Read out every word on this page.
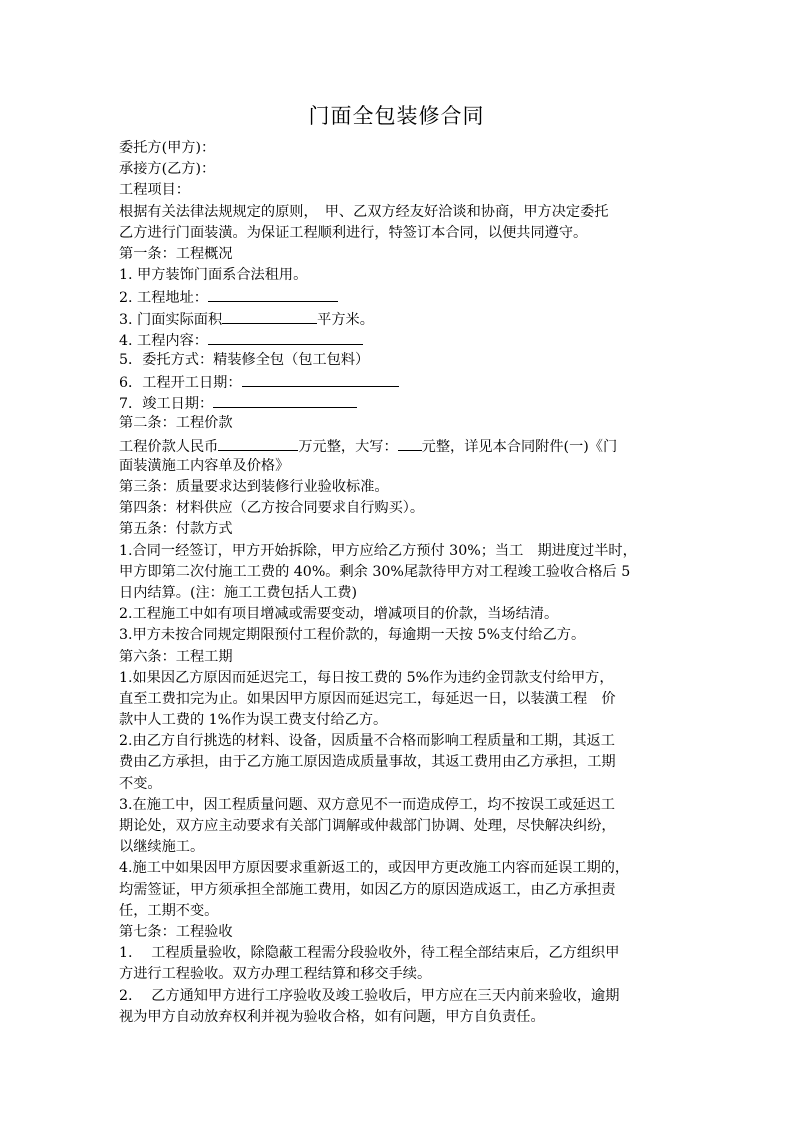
门面全包装修合同
委托方(甲方)：
承接方(乙方)：
工程项目：
根据有关法律法规规定的原则，　甲、乙双方经友好洽谈和协商，甲方决定委托
乙方进行门面装潢。为保证工程顺利进行，特签订本合同，以便共同遵守。
第一条：工程概况
1. 甲方装饰门面系合法租用。
2. 工程地址：
3. 门面实际面积	平方米。
4. 工程内容：
5．委托方式：精装修全包（包工包料）
6．工程开工日期：
7．竣工日期：
第二条：工程价款
工程价款人民币	万元整，大写： 元整，详见本合同附件(一)《门
面装潢施工内容单及价格》
第三条：质量要求达到装修行业验收标准。
第四条：材料供应（乙方按合同要求自行购买）。
第五条：付款方式
1.合同一经签订，甲方开始拆除，甲方应给乙方预付 30%；当工　期进度过半时，
甲方即第二次付施工工费的 40%。剩余 30%尾款待甲方对工程竣工验收合格后 5
日内结算。(注：施工工费包括人工费)
2.工程施工中如有项目增减或需要变动，增减项目的价款，当场结清。
3.甲方未按合同规定期限预付工程价款的，每逾期一天按 5%支付给乙方。
第六条：工程工期
1.如果因乙方原因而延迟完工，每日按工费的 5%作为违约金罚款支付给甲方，
直至工费扣完为止。如果因甲方原因而延迟完工，每延迟一日，以装潢工程　价
款中人工费的 1%作为误工费支付给乙方。
2.由乙方自行挑选的材料、设备，因质量不合格而影响工程质量和工期，其返工
费由乙方承担，由于乙方施工原因造成质量事故，其返工费用由乙方承担，工期
不变。
3.在施工中，因工程质量问题、双方意见不一而造成停工，均不按误工或延迟工
期论处，双方应主动要求有关部门调解或仲裁部门协调、处理，尽快解决纠纷，
以继续施工。
4.施工中如果因甲方原因要求重新返工的，或因甲方更改施工内容而延误工期的，
均需签证，甲方须承担全部施工费用，如因乙方的原因造成返工，由乙方承担责
任，工期不变。
第七条：工程验收
1.　 工程质量验收，除隐蔽工程需分段验收外，待工程全部结束后，乙方组织甲
方进行工程验收。双方办理工程结算和移交手续。
2.　 乙方通知甲方进行工序验收及竣工验收后，甲方应在三天内前来验收，逾期
视为甲方自动放弃权利并视为验收合格，如有问题，甲方自负责任。
